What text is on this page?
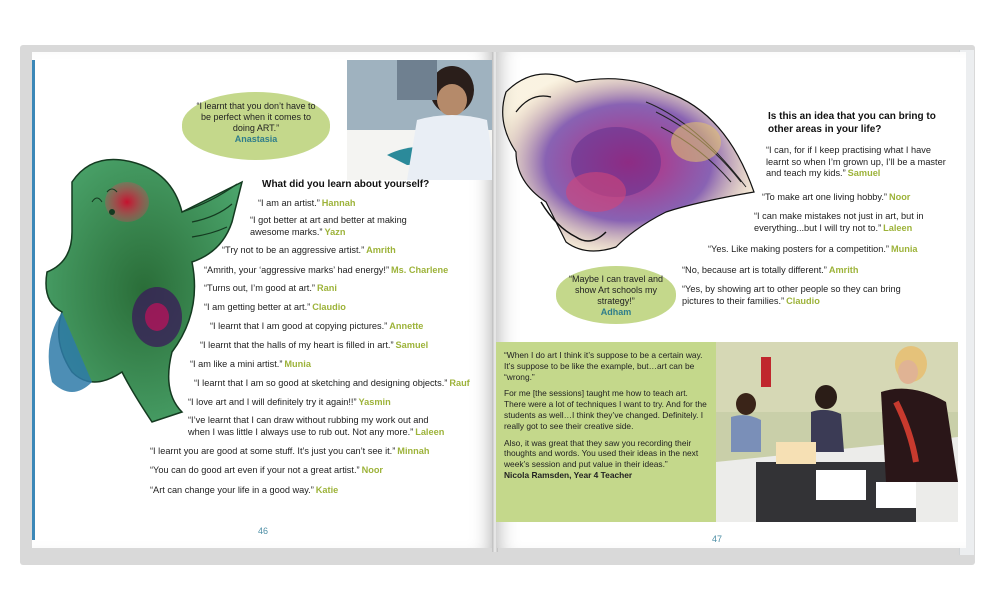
“I learnt that you don’t have to be perfect when it comes to doing ART.”
Anastasia
What did you learn about yourself?
“I am an artist.” Hannah
“I got better at art and better at making awesome marks.” Yazn
“Try not to be an aggressive artist.” Amrith
“Amrith, your ‘aggressive marks’ had energy!” Ms. Charlene
“Turns out, I’m good at art.” Rani
“I am getting better at art.” Claudio
“I learnt that I am good at copying pictures.” Annette
“I learnt that the halls of my heart is filled in art.” Samuel
“I am like a mini artist.” Munia
“I learnt that I am so good at sketching and designing objects.” Rauf
“I love art and I will definitely try it again!!” Yasmin
“I’ve learnt that I can draw without rubbing my work out and when I was little I always use to rub out. Not any more.” Laleen
“I learnt you are good at some stuff. It’s just you can’t see it.” Minnah
“You can do good art even if your not a great artist.” Noor
“Art can change your life in a good way.” Katie
46
Is this an idea that you can bring to other areas in your life?
“I can, for if I keep practising what I have learnt so when I’m grown up, I’ll be a master and teach my kids.” Samuel
“To make art one living hobby.” Noor
“I can make mistakes not just in art, but in everything...but I will try not to.” Laleen
“Yes. Like making posters for a competition.” Munia
“No, because art is totally different.” Amrith
“Yes, by showing art to other people so they can bring pictures to their families.” Claudio
“Maybe I can travel and show Art schools my strategy!”
Adham

“When I do art I think it’s suppose to be a certain way. It’s suppose to be like the example, but…art can be “wrong.”

For me [the sessions] taught me how to teach art. There were a lot of techniques I want to try. And for the students as well…I think they’ve changed. Definitely. I really got to see their creative side.

Also, it was great that they saw you recording their thoughts and words. You used their ideas in the next week’s session and put value in their ideas.”

Nicola Ramsden, Year 4 Teacher
47
